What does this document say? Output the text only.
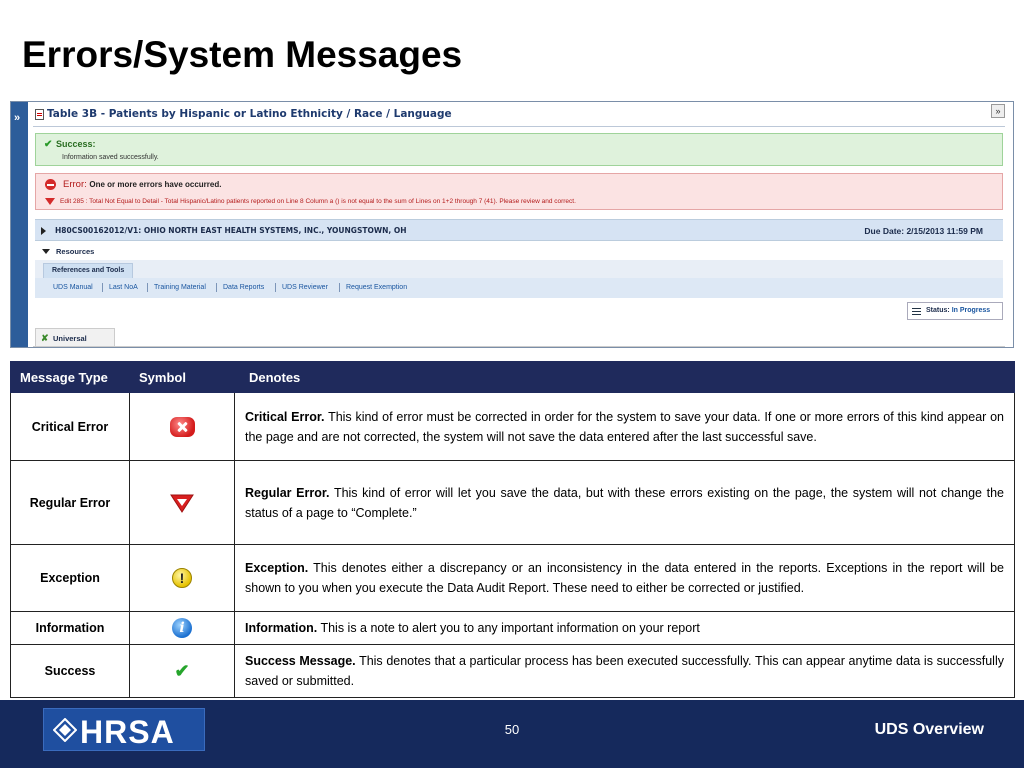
Errors/System Messages
»	Table 3B - Patients by Hispanic or Latino Ethnicity / Race / Language	»
✔ Success:
Information saved successfully.
Error: One or more errors have occurred.
Edit 285 : Total Not Equal to Detail - Total Hispanic/Latino patients reported on Line 8 Column a () is not equal to the sum of Lines on 1+2 through 7 (41). Please review and correct.
H80CS00162012/V1: OHIO NORTH EAST HEALTH SYSTEMS, INC., YOUNGSTOWN, OH	Due Date: 2/15/2013 11:59 PM
Resources
References and Tools
UDS Manual Last NoA Training Material Data Reports	UDS Reviewer	Request Exemption
Status: In Progress
✘ Universal
Message Type	Symbol	Denotes
Critical Error		Critical Error. This kind of error must be corrected in order for the system to save your data. If one or more errors of this kind appear on the page and are not corrected, the system will not save the data entered after the last successful save.
Regular Error		Regular Error. This kind of error will let you save the data, but with these errors existing on the page, the system will not change the status of a page to “Complete.”
Exception	!	Exception. This denotes either a discrepancy or an inconsistency in the data entered in the reports. Exceptions in the report will be shown to you when you execute the Data Audit Report. These need to either be corrected or justified.
Information	i	Information. This is a note to alert you to any important information on your report
Success	✔	Success Message. This denotes that a particular process has been executed successfully. This can appear anytime data is successfully saved or submitted.
HRSA	50	UDS Overview
